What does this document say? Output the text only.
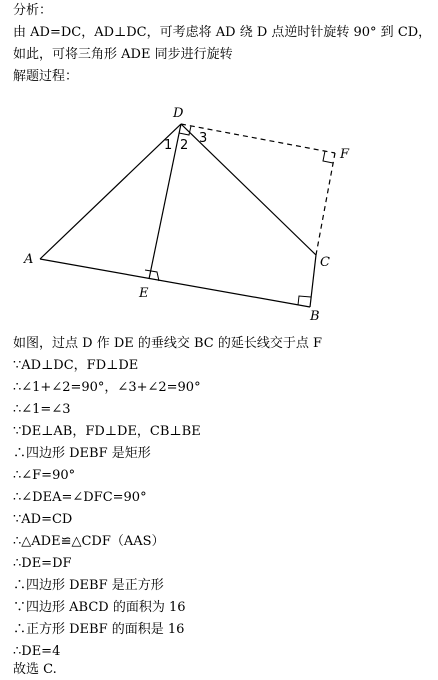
分析：
由 AD=DC，AD⊥DC，可考虑将 AD 绕 D 点逆时针旋转 90° 到 CD，
如此，可将三角形 ADE 同步进行旋转
解题过程：
D
F
A	C
E
B
1 2 3
如图，过点 D 作 DE 的垂线交 BC 的延长线交于点 F
∵AD⊥DC，FD⊥DE
∴∠1+∠2=90°，∠3+∠2=90°
∴∠1=∠3
∵DE⊥AB，FD⊥DE，CB⊥BE
∴四边形 DEBF 是矩形
∴∠F=90°
∴∠DEA=∠DFC=90°
∵AD=CD
∴△ADE≌△CDF（AAS）
∴DE=DF
∴四边形 DEBF 是正方形
∵四边形 ABCD 的面积为 16
∴正方形 DEBF 的面积是 16
∴DE=4
故选 C.
